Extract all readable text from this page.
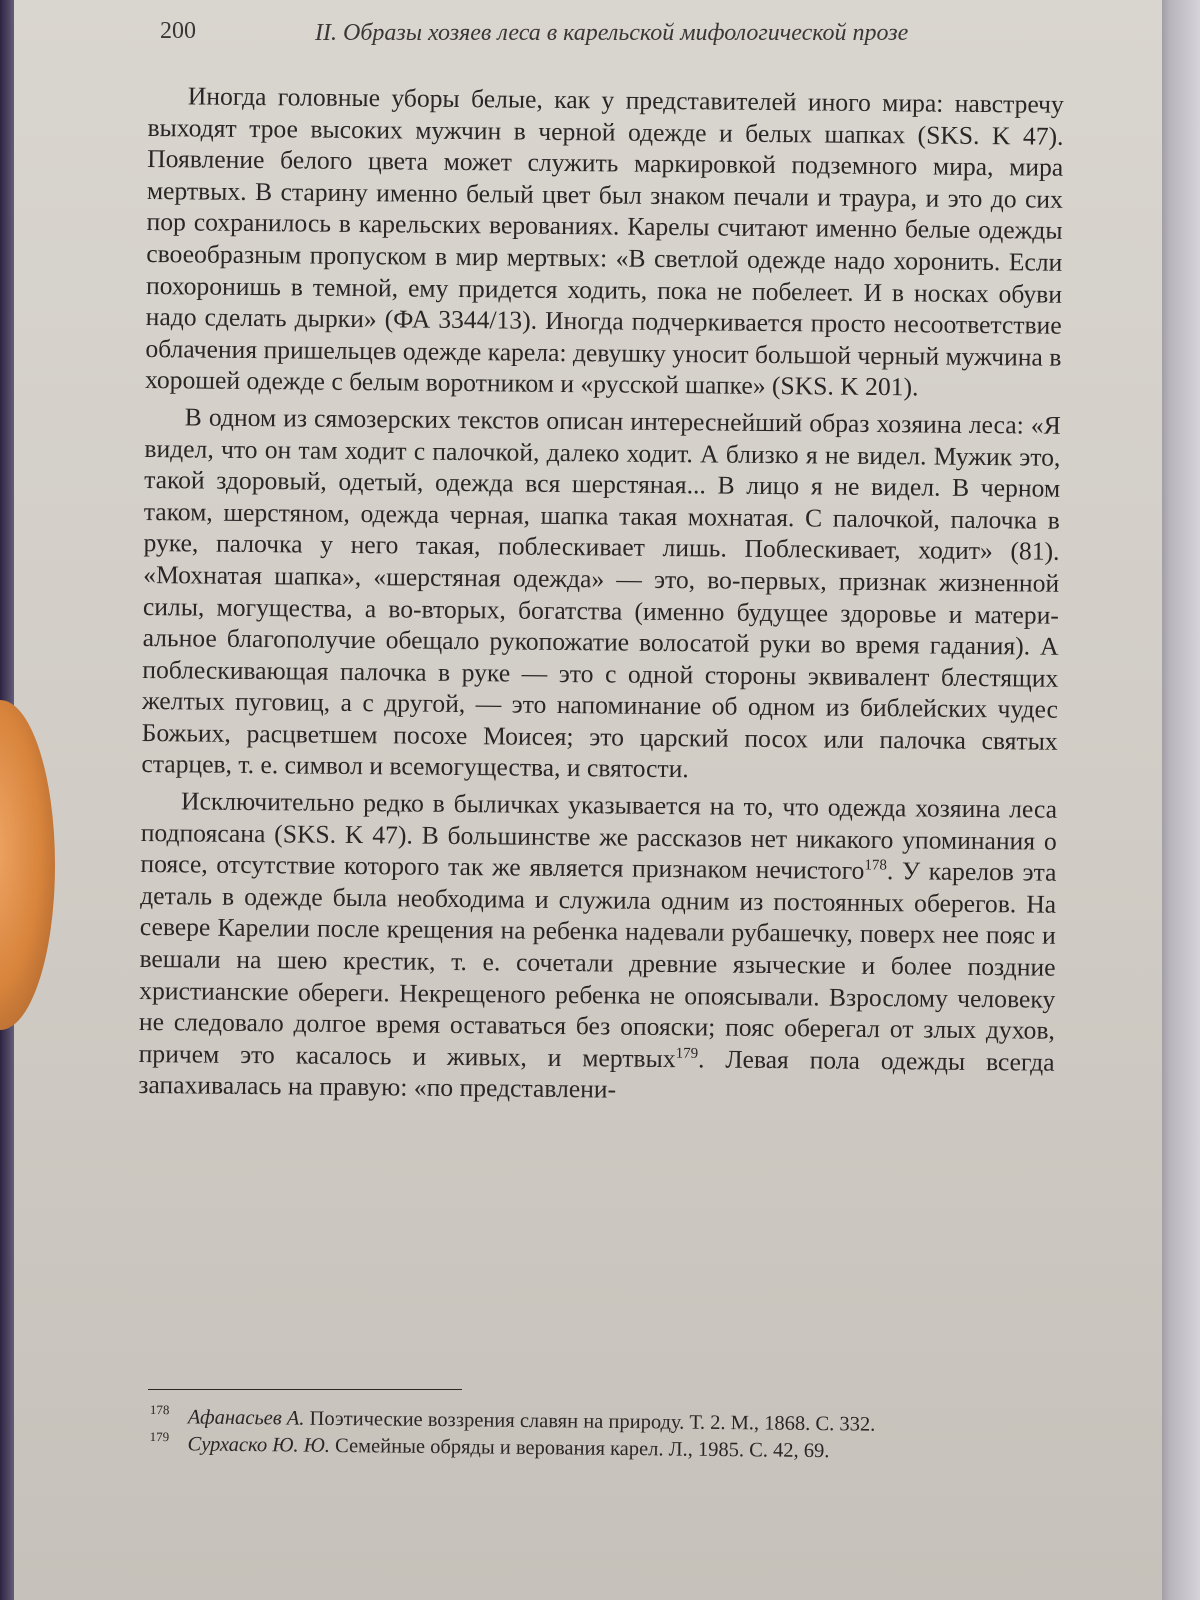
200	II. Образы хозяев леса в карельской мифологической прозе

Иногда головные уборы белые, как у представителей иного мира: навстречу выходят трое высоких мужчин в черной одежде и белых шапках (SKS. K 47). Появление белого цвета может служить маркировкой подземного мира, мира мертвых. В старину именно белый цвет был знаком печали и траура, и это до сих пор сохранилось в карельских верованиях. Карелы считают именно белые одежды своеобразным пропуском в мир мертвых: «В светлой одежде надо хоронить. Если похоронишь в темной, ему придется ходить, пока не побелеет. И в носках обуви надо сделать дырки» (ФА 3344/13). Иногда подчеркивается просто несоответствие облачения пришельцев одежде карела: девушку уносит большой черный мужчина в хорошей одежде с белым воротником и «русской шапке» (SKS. K 201).

В одном из сямозерских текстов описан интереснейший образ хозяина леса: «Я видел, что он там ходит с палочкой, далеко ходит. А близко я не видел. Мужик это, такой здоровый, одетый, одежда вся шерстяная... В лицо я не видел. В черном таком, шерстяном, одежда черная, шапка такая мохнатая. С палочкой, палочка в руке, палочка у него такая, поблескивает лишь. Поблескивает, ходит» (81). «Мохнатая шапка», «шерстяная одежда» — это, во-первых, признак жизненной силы, могущества, а во-вторых, богатства (именно будущее здоровье и материальное благополучие обещало рукопожатие волосатой руки во время гадания). А поблескивающая палочка в руке — это с одной стороны эквивалент блестящих желтых пуговиц, а с другой, — это напоминание об одном из библейских чудес Божьих, расцветшем посохе Моисея; это царский посох или палочка святых старцев, т. е. символ и всемогущества, и святости.

Исключительно редко в быличках указывается на то, что одежда хозяина леса подпоясана (SKS. K 47). В большинстве же рассказов нет никакого упоминания о поясе, отсутствие которого так же является признаком нечистого$^{178}$. У карелов эта деталь в одежде была необходима и служила одним из постоянных оберегов. На севере Карелии после крещения на ребенка надевали рубашечку, поверх нее пояс и вешали на шею крестик, т. е. сочетали древние языческие и более поздние христианские обереги. Некрещеного ребенка не опоясывали. Взрослому человеку не следовало долгое время оставаться без опояски; пояс оберегал от злых духов, причем это касалось и живых, и мертвых$^{179}$. Левая пола одежды всегда запахивалась на правую: «по представлени-

178 Афанасьев А. Поэтические воззрения славян на природу. Т. 2. М., 1868. С. 332.
179 Сурхаско Ю. Ю. Семейные обряды и верования карел. Л., 1985. С. 42, 69.
